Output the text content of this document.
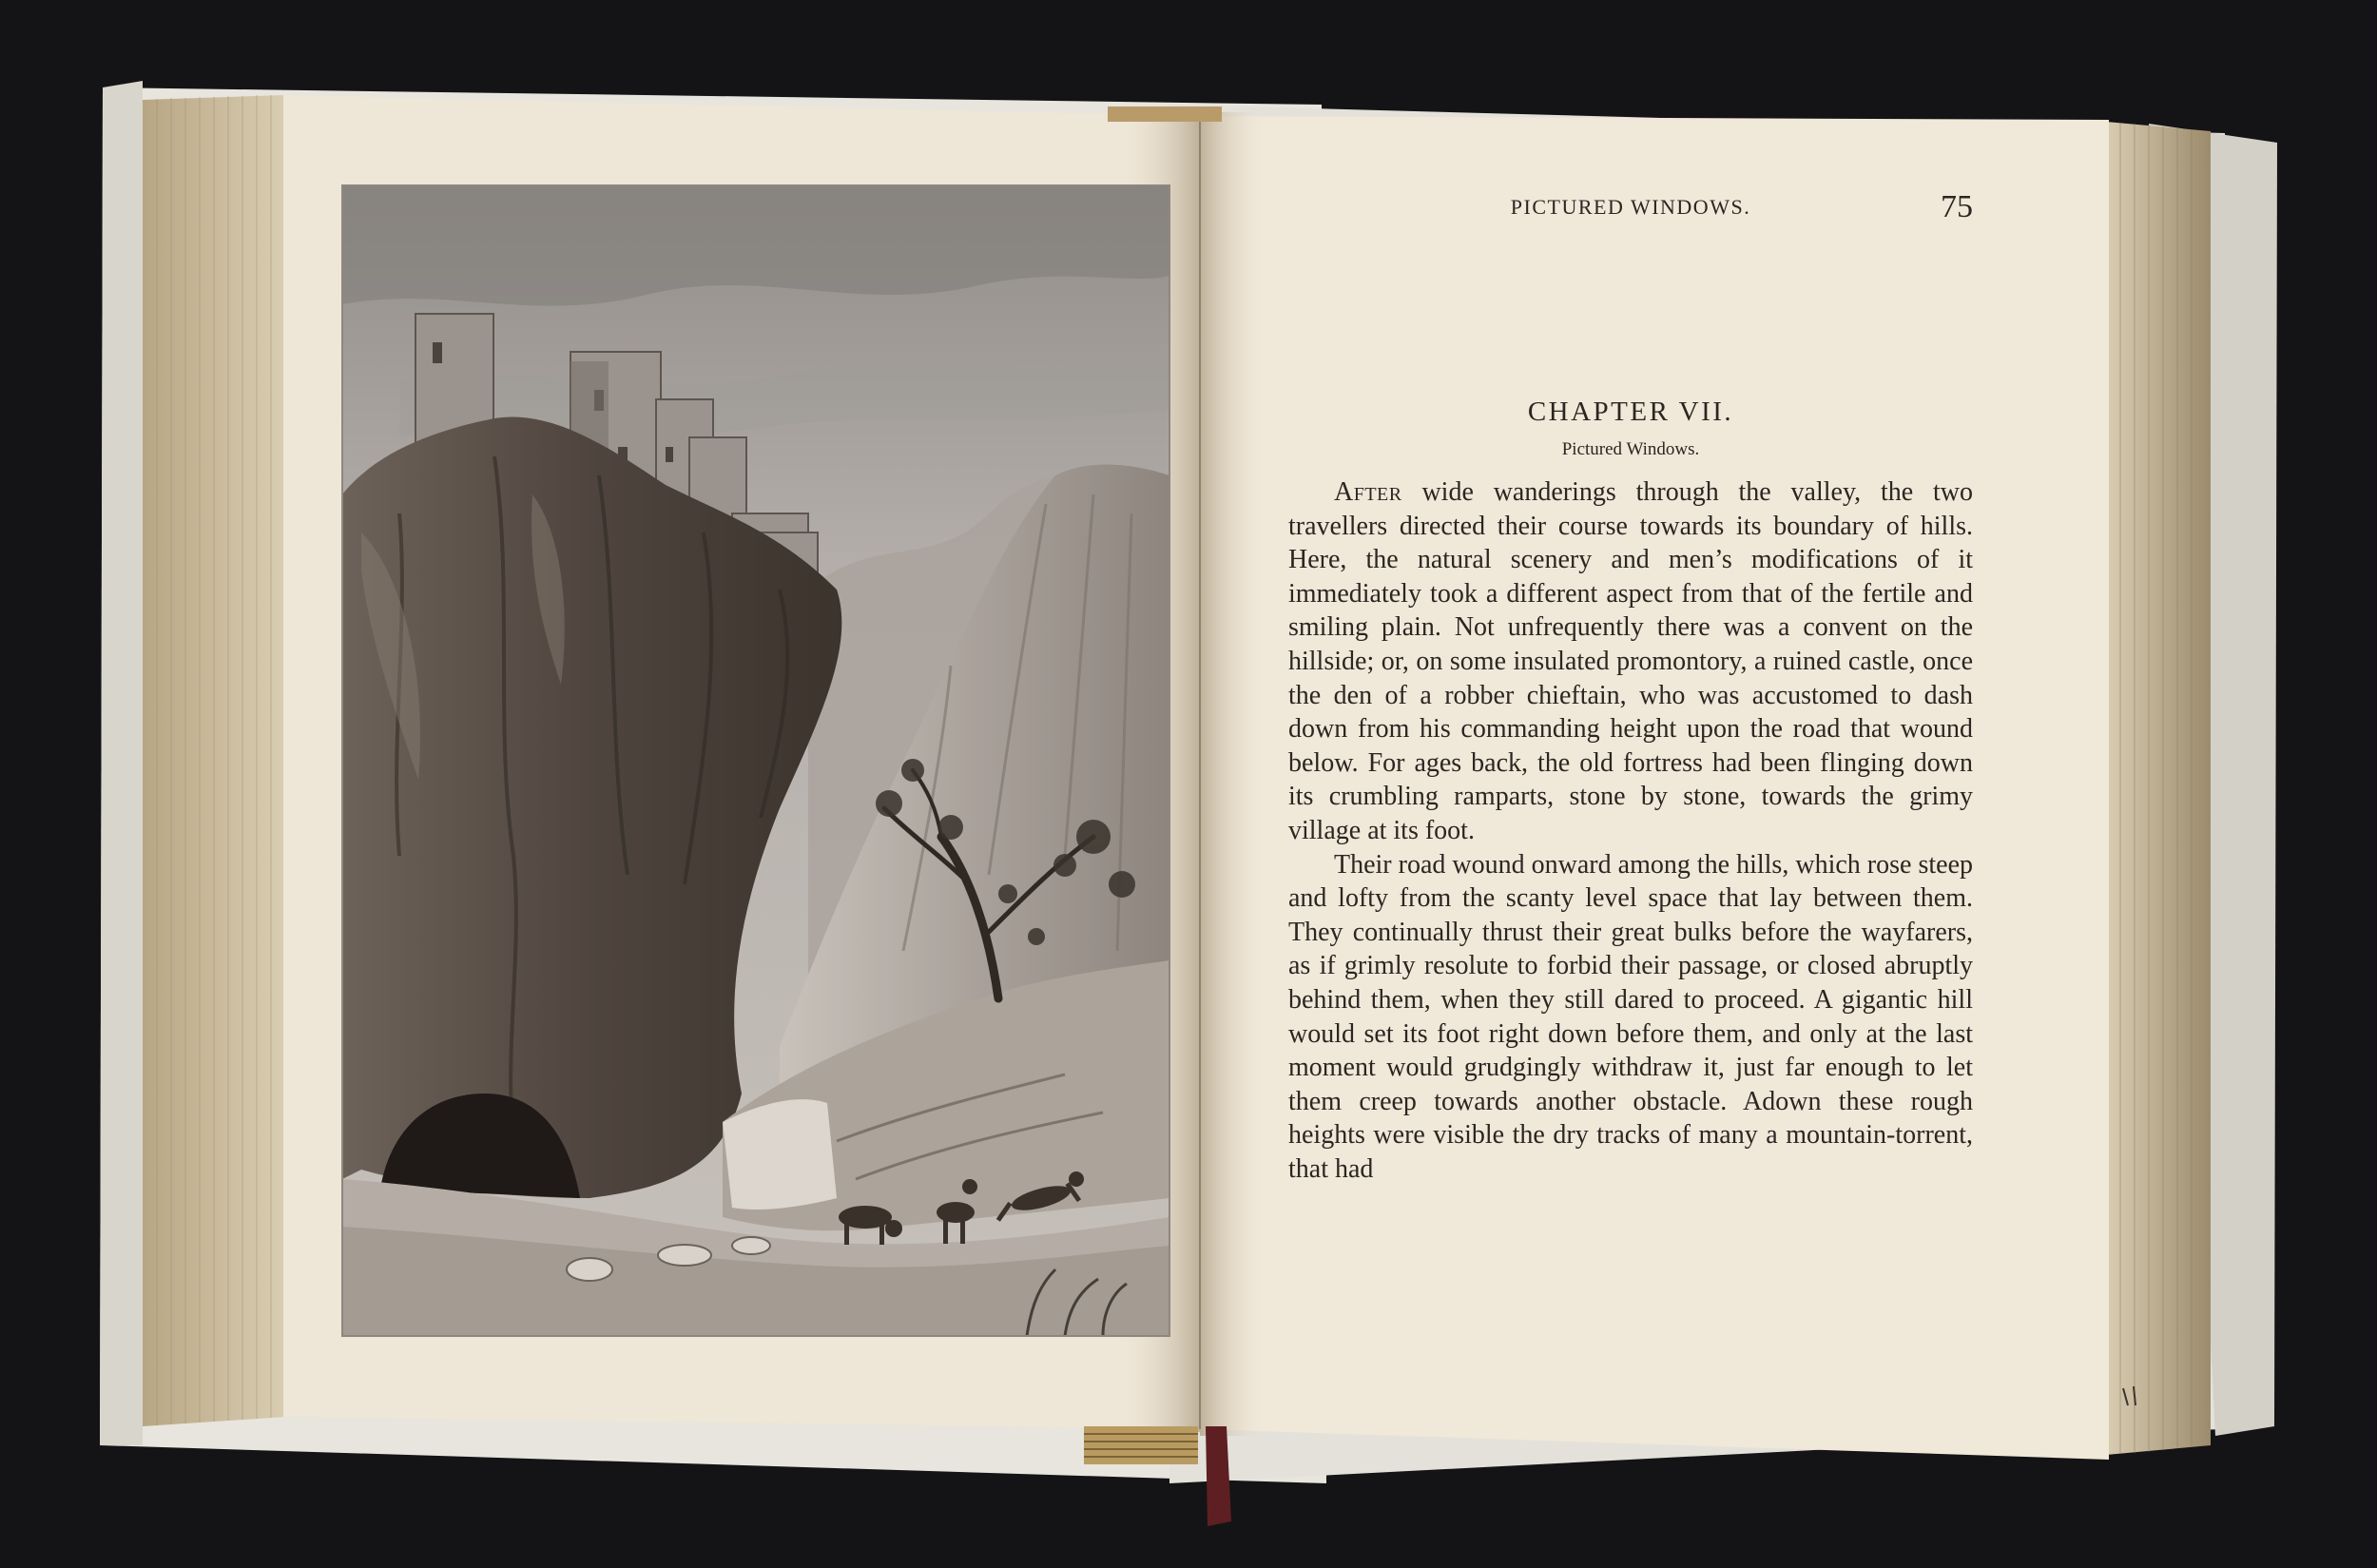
PICTURED WINDOWS.	75
CHAPTER VII.
Pictured Windows.

After wide wanderings through the valley, the two travellers directed their course towards its boundary of hills. Here, the natural scenery and men’s modifications of it immediately took a different aspect from that of the fertile and smiling plain. Not unfrequently there was a convent on the hillside; or, on some insulated promontory, a ruined castle, once the den of a robber chieftain, who was accustomed to dash down from his commanding height upon the road that wound below. For ages back, the old fortress had been flinging down its crumbling ramparts, stone by stone, towards the grimy village at its foot.

Their road wound onward among the hills, which rose steep and lofty from the scanty level space that lay between them. They continually thrust their great bulks before the wayfarers, as if grimly resolute to forbid their passage, or closed abruptly behind them, when they still dared to proceed. A gigantic hill would set its foot right down before them, and only at the last moment would grudgingly withdraw it, just far enough to let them creep towards another obstacle. Adown these rough heights were visible the dry tracks of many a mountain-torrent, that had
